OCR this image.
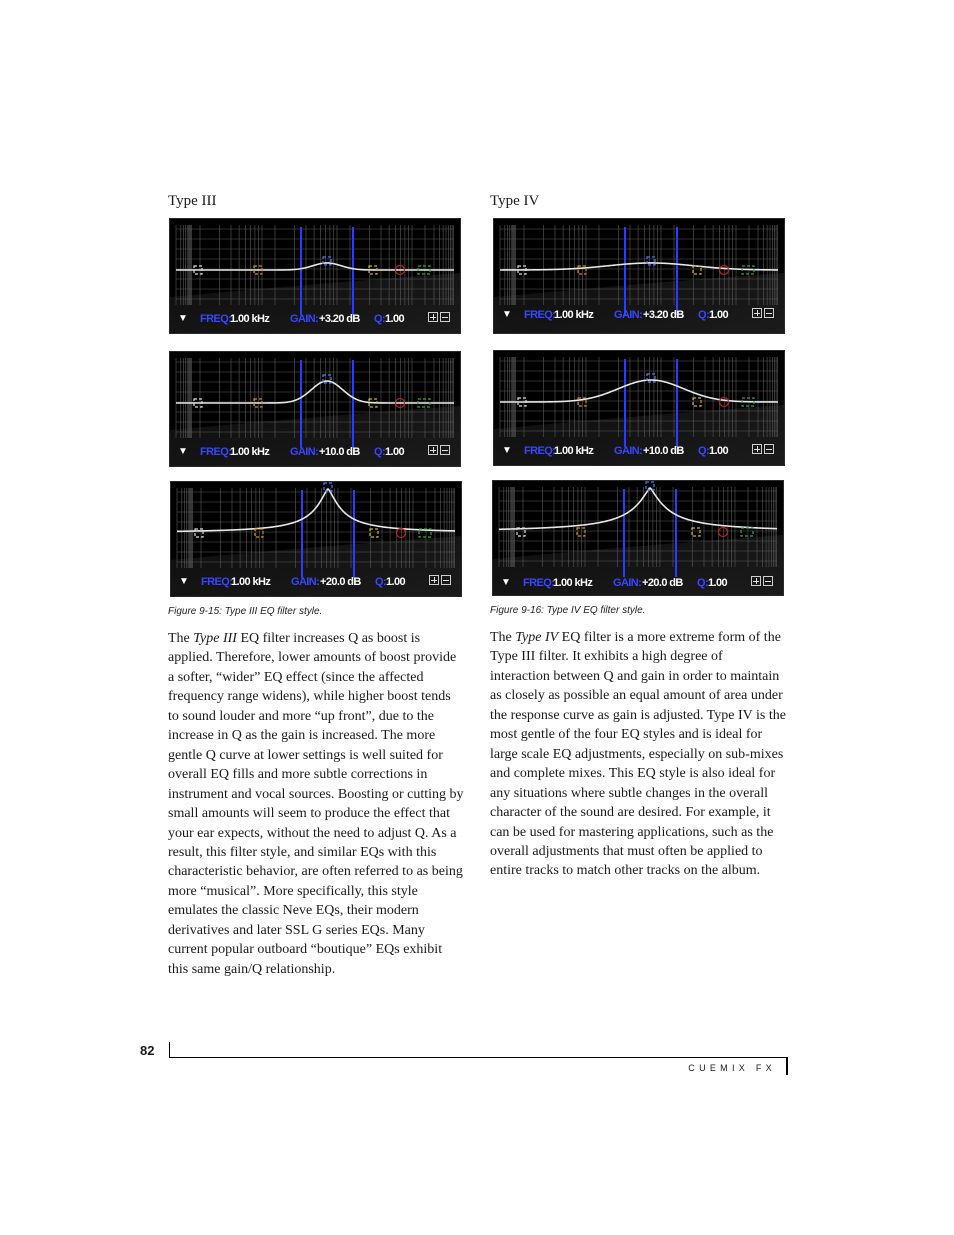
Type III	Type IV
▼ FREQ:
1.00 kHz GAIN: +3.20 dB Q: 1.00
▼ FREQ:
1.00 kHz GAIN: +10.0 dB Q: 1.00
▼ FREQ:
1.00 kHz GAIN: +20.0 dB Q: 1.00
▼ FREQ:
1.00 kHz GAIN: +3.20 dB Q: 1.00
▼ FREQ:
1.00 kHz GAIN: +10.0 dB Q: 1.00
▼ FREQ:
1.00 kHz GAIN: +20.0 dB Q: 1.00
Figure 9-15: Type III EQ filter style.	Figure 9-16: Type IV EQ filter style.

The Type III EQ filter increases Q as boost is applied. Therefore, lower amounts of boost provide a softer, “wider” EQ effect (since the affected frequency range widens), while higher boost tends to sound louder and more “up front”, due to the increase in Q as the gain is increased. The more gentle Q curve at lower settings is well suited for overall EQ fills and more subtle corrections in instrument and vocal sources. Boosting or cutting by small amounts will seem to produce the effect that your ear expects, without the need to adjust Q. As a result, this filter style, and similar EQs with this characteristic behavior, are often referred to as being more “musical”. More specifically, this style emulates the classic Neve EQs, their modern derivatives and later SSL G series EQs. Many current popular outboard “boutique” EQs exhibit this same gain/Q relationship.

The Type IV EQ filter is a more extreme form of the Type III filter. It exhibits a high degree of interaction between Q and gain in order to maintain as closely as possible an equal amount of area under the response curve as gain is adjusted. Type IV is the most gentle of the four EQ styles and is ideal for large scale EQ adjustments, especially on sub-mixes and complete mixes. This EQ style is also ideal for any situations where subtle changes in the overall character of the sound are desired. For example, it can be used for mastering applications, such as the overall adjustments that must often be applied to entire tracks to match other tracks on the album.

82
CUEMIX FX
